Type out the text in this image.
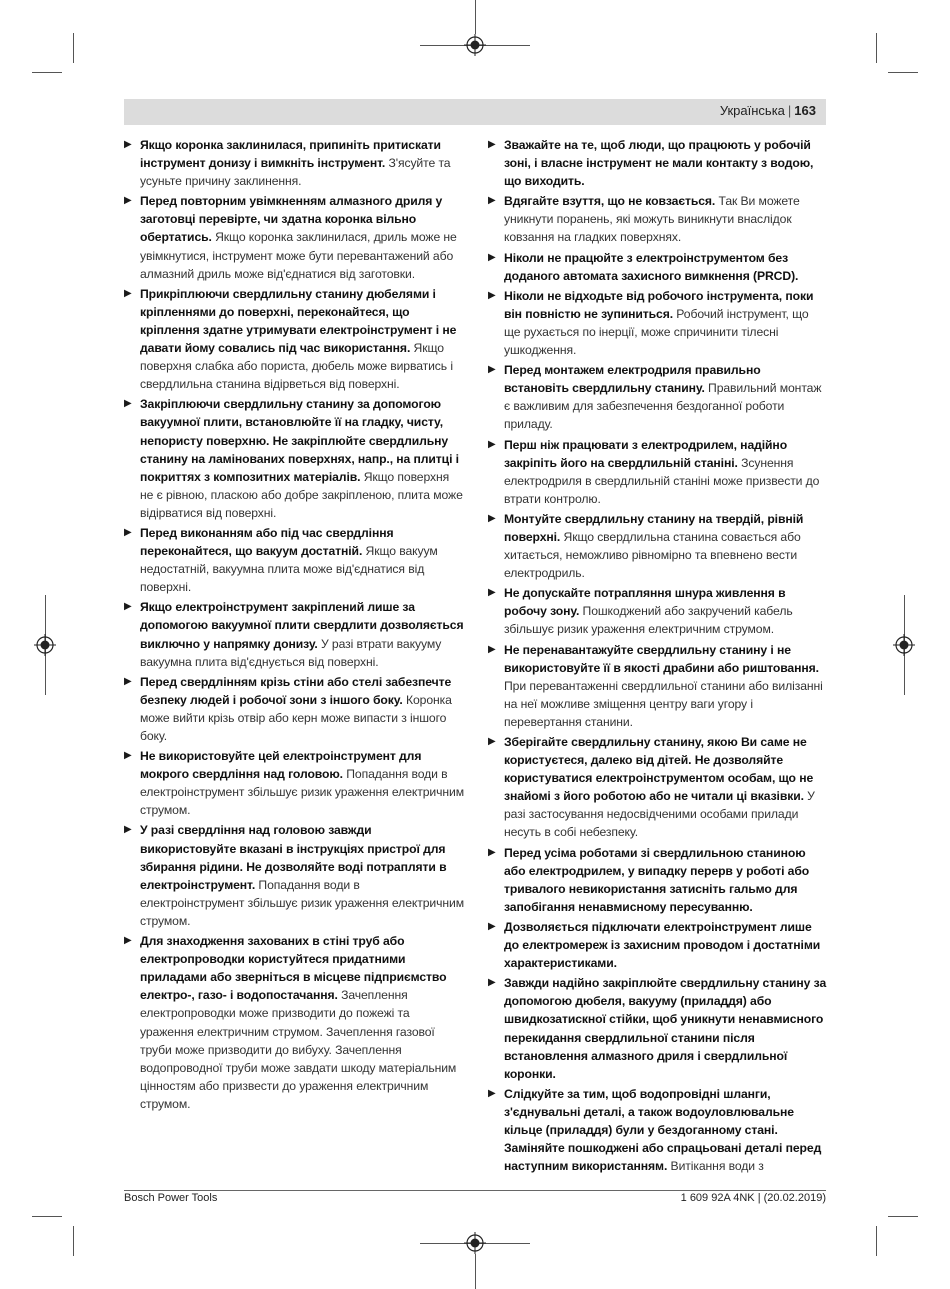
Українська | 163
▶ Якщо коронка заклинилася, припиніть притискати інструмент донизу і вимкніть інструмент. З'ясуйте та усуньте причину заклинення.
▶ Перед повторним увімкненням алмазного дриля у заготовці перевірте, чи здатна коронка вільно обертатись. Якщо коронка заклинилася, дриль може не увімкнутися, інструмент може бути перевантажений або алмазний дриль може від'єднатися від заготовки.
▶ Прикріплюючи свердлильну станину дюбелями і кріпленнями до поверхні, переконайтеся, що кріплення здатне утримувати електроінструмент і не давати йому совались під час використання. Якщо поверхня слабка або пориста, дюбель може вирватись і свердлильна станина відірветься від поверхні.
▶ Закріплюючи свердлильну станину за допомогою вакуумної плити, встановлюйте її на гладку, чисту, непористу поверхню. Не закріплюйте свердлильну станину на ламінованих поверхнях, напр., на плитці і покриттях з композитних матеріалів. Якщо поверхня не є рівною, пласкою або добре закріпленою, плита може відірватися від поверхні.
▶ Перед виконанням або під час свердління переконайтеся, що вакуум достатній. Якщо вакуум недостатній, вакуумна плита може від'єднатися від поверхні.
▶ Якщо електроінструмент закріплений лише за допомогою вакуумної плити свердлити дозволяється виключно у напрямку донизу. У разі втрати вакууму вакуумна плита від'єднується від поверхні.
▶ Перед свердлінням крізь стіни або стелі забезпечте безпеку людей і робочої зони з іншого боку. Коронка може вийти крізь отвір або керн може випасти з іншого боку.
▶ Не використовуйте цей електроінструмент для мокрого свердління над головою. Попадання води в електроінструмент збільшує ризик ураження електричним струмом.
▶ У разі свердління над головою завжди використовуйте вказані в інструкціях пристрої для збирання рідини. Не дозволяйте воді потрапляти в електроінструмент. Попадання води в електроінструмент збільшує ризик ураження електричним струмом.
▶ Для знаходження захованих в стіні труб або електропроводки користуйтеся придатними приладами або зверніться в місцеве підприємство електро-, газо- і водопостачання. Зачеплення електропроводки може призводити до пожежі та ураження електричним струмом. Зачеплення газової труби може призводити до вибуху. Зачеплення водопроводної труби може завдати шкоду матеріальним цінностям або призвести до ураження електричним струмом.
▶ Зважайте на те, щоб люди, що працюють у робочій зоні, і власне інструмент не мали контакту з водою, що виходить.
▶ Вдягайте взуття, що не ковзається. Так Ви можете уникнути поранень, які можуть виникнути внаслідок ковзання на гладких поверхнях.
▶ Ніколи не працюйте з електроінструментом без доданого автомата захисного вимкнення (PRCD).
▶ Ніколи не відходьте від робочого інструмента, поки він повністю не зупиниться. Робочий інструмент, що ще рухається по інерції, може спричинити тілесні ушкодження.
▶ Перед монтажем електродриля правильно встановіть свердлильну станину. Правильний монтаж є важливим для забезпечення бездоганної роботи приладу.
▶ Перш ніж працювати з електродрилем, надійно закріпіть його на свердлильній станіні. Зсунення електродриля в свердлильній станіні може призвести до втрати контролю.
▶ Монтуйте свердлильну станину на твердій, рівній поверхні. Якщо свердлильна станина совається або хитається, неможливо рівномірно та впевнено вести електродриль.
▶ Не допускайте потрапляння шнура живлення в робочу зону. Пошкоджений або закручений кабель збільшує ризик ураження електричним струмом.
▶ Не перенавантажуйте свердлильну станину і не використовуйте її в якості драбини або риштовання. При перевантаженні свердлильної станини або вилізанні на неї можливе зміщення центру ваги угору і перевертання станини.
▶ Зберігайте свердлильну станину, якою Ви саме не користуєтеся, далеко від дітей. Не дозволяйте користуватися електроінструментом особам, що не знайомі з його роботою або не читали ці вказівки. У разі застосування недосвідченими особами прилади несуть в собі небезпеку.
▶ Перед усіма роботами зі свердлильною станиною або електродрилем, у випадку перерв у роботі або тривалого невикористання затисніть гальмо для запобігання ненавмисному пересуванню.
▶ Дозволяється підключати електроінструмент лише до електромереж із захисним проводом і достатніми характеристиками.
▶ Завжди надійно закріплюйте свердлильну станину за допомогою дюбеля, вакууму (приладдя) або швидкозатискної стійки, щоб уникнути ненавмисного перекидання свердлильної станини після встановлення алмазного дриля і свердлильної коронки.
▶ Слідкуйте за тим, щоб водопровідні шланги, з'єднувальні деталі, а також водоуловлювальне кільце (приладдя) були у бездоганному стані. Заміняйте пошкоджені або спрацьовані деталі перед наступним використанням. Витікання води з
Bosch Power Tools	1 609 92A 4NK | (20.02.2019)
